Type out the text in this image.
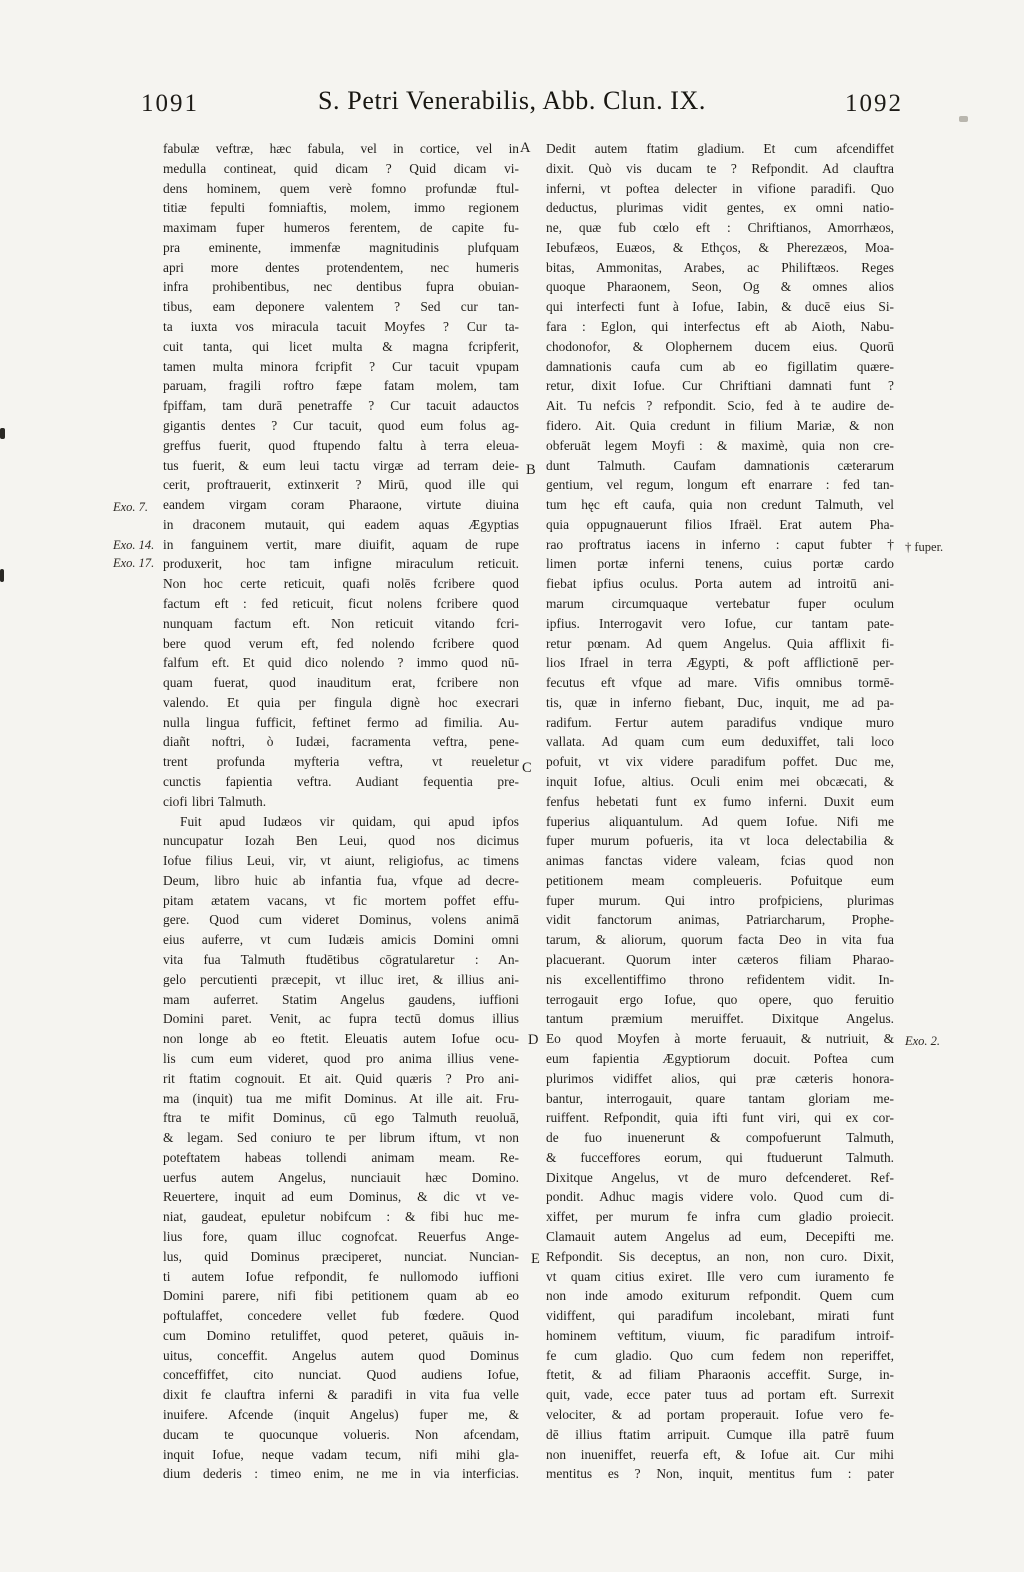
1091	S. Petri Venerabilis, Abb. Clun. IX.	1092
Exo. 7.
Exo. 14.
Exo. 17.
A
B
C
D
E
† fuper.
Exo. 2.
fabulæ veftræ, hæc fabula, vel in cortice, vel in
medulla contineat, quid dicam ? Quid dicam vi-
dens hominem, quem verè fomno profundæ ftul-
titiæ fepulti fomniaftis, molem, immo regionem
maximam fuper humeros ferentem, de capite fu-
pra eminente, immenfæ magnitudinis plufquam
apri more dentes protendentem, nec humeris
infra prohibentibus, nec dentibus fupra obuian-
tibus, eam deponere valentem ? Sed cur tan-
ta iuxta vos miracula tacuit Moyfes ? Cur ta-
cuit tanta, qui licet multa & magna fcripferit,
tamen multa minora fcripfit ? Cur tacuit vpupam
paruam, fragili roftro fæpe fatam molem, tam
fpiffam, tam durā penetraffe ? Cur tacuit adauctos
gigantis dentes ? Cur tacuit, quod eum folus ag-
greffus fuerit, quod ftupendo faltu à terra eleua-
tus fuerit, & eum leui tactu virgæ ad terram deie-
cerit, proftrauerit, extinxerit ? Mirū, quod ille qui
eandem virgam coram Pharaone, virtute diuina
in draconem mutauit, qui eadem aquas Ægyptias
in fanguinem vertit, mare diuifit, aquam de rupe
produxerit, hoc tam infigne miraculum reticuit.
Non hoc certe reticuit, quafi nolēs fcribere quod
factum eft : fed reticuit, ficut nolens fcribere quod
nunquam factum eft. Non reticuit vitando fcri-
bere quod verum eft, fed nolendo fcribere quod
falfum eft. Et quid dico nolendo ? immo quod nū-
quam fuerat, quod inauditum erat, fcribere non
valendo. Et quia per fingula dignè hoc execrari
nulla lingua fufficit, feftinet fermo ad fimilia. Au-
diañt noftri, ò Iudæi, facramenta veftra, pene-
trent profunda myfteria veftra, vt reueletur
cunctis fapientia veftra. Audiant fequentia pre-
ciofi libri Talmuth.
Fuit apud Iudæos vir quidam, qui apud ipfos
nuncupatur Iozah Ben Leui, quod nos dicimus
Iofue filius Leui, vir, vt aiunt, religiofus, ac timens
Deum, libro huic ab infantia fua, vfque ad decre-
pitam ætatem vacans, vt fic mortem poffet effu-
gere. Quod cum videret Dominus, volens animā
eius auferre, vt cum Iudæis amicis Domini omni
vita fua Talmuth ftudētibus cōgratularetur : An-
gelo percutienti præcepit, vt illuc iret, & illius ani-
mam auferret. Statim Angelus gaudens, iuffioni
Domini paret. Venit, ac fupra tectū domus illius
non longe ab eo ftetit. Eleuatis autem Iofue ocu-
lis cum eum videret, quod pro anima illius vene-
rit ftatim cognouit. Et ait. Quid quæris ? Pro ani-
ma (inquit) tua me mifit Dominus. At ille ait. Fru-
ftra te mifit Dominus, cū ego Talmuth reuoluā,
& legam. Sed coniuro te per librum iftum, vt non
poteftatem habeas tollendi animam meam. Re-
uerfus autem Angelus, nunciauit hæc Domino.
Reuertere, inquit ad eum Dominus, & dic vt ve-
niat, gaudeat, epuletur nobifcum : & fibi huc me-
lius fore, quam illuc cognofcat. Reuerfus Ange-
lus, quid Dominus præciperet, nunciat. Nuncian-
ti autem Iofue refpondit, fe nullomodo iuffioni
Domini parere, nifi fibi petitionem quam ab eo
poftulaffet, concedere vellet fub fœdere. Quod
cum Domino retuliffet, quod peteret, quāuis in-
uitus, conceffit. Angelus autem quod Dominus
conceffiffet, cito nunciat. Quod audiens Iofue,
dixit fe clauftra inferni & paradifi in vita fua velle
inuifere. Afcende (inquit Angelus) fuper me, &
ducam te quocunque volueris. Non afcendam,
inquit Iofue, neque vadam tecum, nifi mihi gla-
dium dederis : timeo enim, ne me in via interficias.
Dedit autem ftatim gladium. Et cum afcendiffet
dixit. Quò vis ducam te ? Refpondit. Ad clauftra
inferni, vt poftea delecter in vifione paradifi. Quo
deductus, plurimas vidit gentes, ex omni natio-
ne, quæ fub cœlo eft : Chriftianos, Amorrhæos,
Iebufæos, Euæos, & Ethços, & Pherezæos, Moa-
bitas, Ammonitas, Arabes, ac Philiftæos. Reges
quoque Pharaonem, Seon, Og & omnes alios
qui interfecti funt à Iofue, Iabin, & ducē eius Si-
fara : Eglon, qui interfectus eft ab Aioth, Nabu-
chodonofor, & Olophernem ducem eius. Quorū
damnationis caufa cum ab eo figillatim quære-
retur, dixit Iofue. Cur Chriftiani damnati funt ?
Ait. Tu nefcis ? refpondit. Scio, fed à te audire de-
fidero. Ait. Quia credunt in filium Mariæ, & non
obferuāt legem Moyfi : & maximè, quia non cre-
dunt Talmuth. Caufam damnationis cæterarum
gentium, vel regum, longum eft enarrare : fed tan-
tum hęc eft caufa, quia non credunt Talmuth, vel
quia oppugnauerunt filios Ifraël. Erat autem Pha-
rao proftratus iacens in inferno : caput fubter †
limen portæ inferni tenens, cuius portæ cardo
fiebat ipfius oculus. Porta autem ad introitū ani-
marum circumquaque vertebatur fuper oculum
ipfius. Interrogavit vero Iofue, cur tantam pate-
retur pœnam. Ad quem Angelus. Quia afflixit fi-
lios Ifrael in terra Ægypti, & poft afflictionē per-
fecutus eft vfque ad mare. Vifis omnibus tormē-
tis, quæ in inferno fiebant, Duc, inquit, me ad pa-
radifum. Fertur autem paradifus vndique muro
vallata. Ad quam cum eum deduxiffet, tali loco
pofuit, vt vix videre paradifum poffet. Duc me,
inquit Iofue, altius. Oculi enim mei obcæcati, &
fenfus hebetati funt ex fumo inferni. Duxit eum
fuperius aliquantulum. Ad quem Iofue. Nifi me
fuper murum pofueris, ita vt loca delectabilia &
animas fanctas videre valeam, fcias quod non
petitionem meam compleueris. Pofuitque eum
fuper murum. Qui intro profpiciens, plurimas
vidit fanctorum animas, Patriarcharum, Prophe-
tarum, & aliorum, quorum facta Deo in vita fua
placuerant. Quorum inter cæteros filiam Pharao-
nis excellentiffimo throno refidentem vidit. In-
terrogauit ergo Iofue, quo opere, quo feruitio
tantum præmium meruiffet. Dixitque Angelus.
Eo quod Moyfen à morte feruauit, & nutriuit, &
eum fapientia Ægyptiorum docuit. Poftea cum
plurimos vidiffet alios, qui præ cæteris honora-
bantur, interrogauit, quare tantam gloriam me-
ruiffent. Refpondit, quia ifti funt viri, qui ex cor-
de fuo inuenerunt & compofuerunt Talmuth,
& fucceffores eorum, qui ftuduerunt Talmuth.
Dixitque Angelus, vt de muro defcenderet. Ref-
pondit. Adhuc magis videre volo. Quod cum di-
xiffet, per murum fe infra cum gladio proiecit.
Clamauit autem Angelus ad eum, Decepifti me.
Refpondit. Sis deceptus, an non, non curo. Dixit,
vt quam citius exiret. Ille vero cum iuramento fe
non inde amodo exiturum refpondit. Quem cum
vidiffent, qui paradifum incolebant, mirati funt
hominem veftitum, viuum, fic paradifum introif-
fe cum gladio. Quo cum fedem non reperiffet,
ftetit, & ad filiam Pharaonis acceffit. Surge, in-
quit, vade, ecce pater tuus ad portam eft. Surrexit
velociter, & ad portam properauit. Iofue vero fe-
dē illius ftatim arripuit. Cumque illa patrē fuum
non inueniffet, reuerfa eft, & Iofue ait. Cur mihi
mentitus es ? Non, inquit, mentitus fum : pater
